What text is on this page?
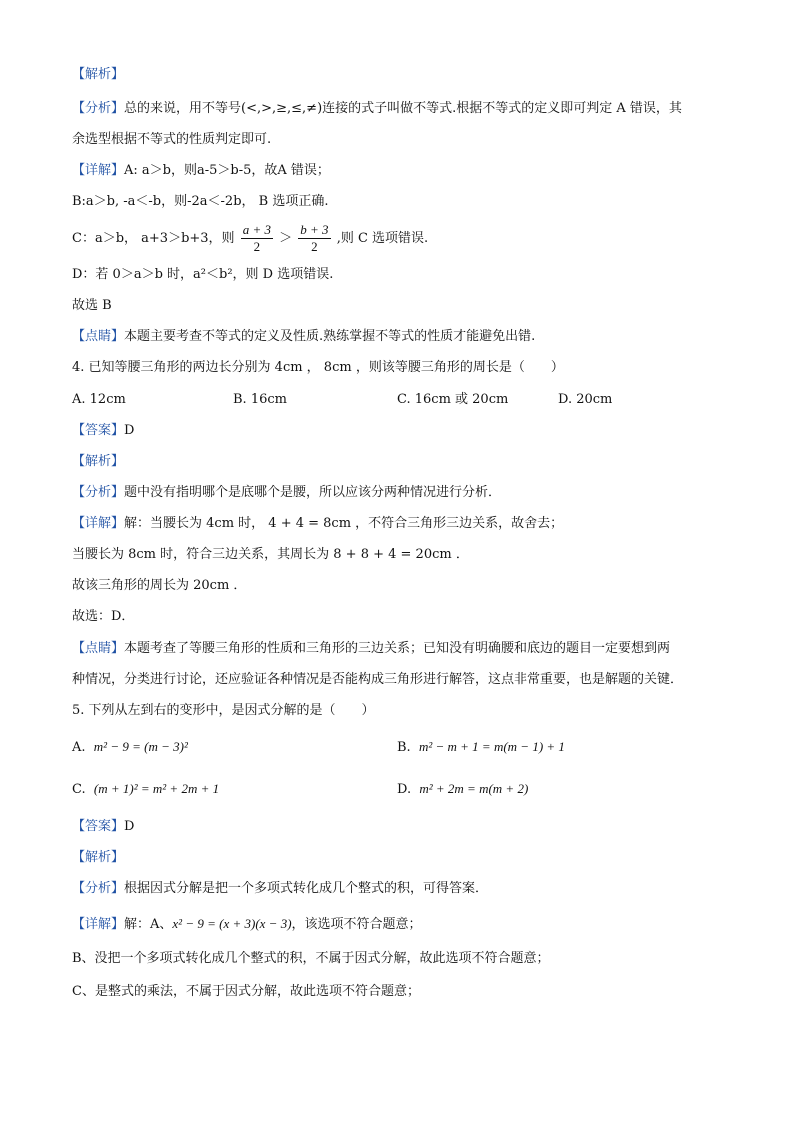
【解析】
【分析】总的来说，用不等号(<,>,≥,≤,≠)连接的式子叫做不等式.根据不等式的定义即可判定 A 错误，其
余选型根据不等式的性质判定即可.
【详解】A: a＞b，则a-5＞b-5，故A 错误；
B:a＞b, -a＜-b，则-2a＜-2b， B 选项正确.
C：a＞b， a+3＞b+3，则 $\frac{a + 3}{2} > \frac{b + 3}{2}$ ,则 C 选项错误.
D：若 0＞a＞b 时，a²＜b²，则 D 选项错误.
故选 B
【点睛】本题主要考查不等式的定义及性质.熟练掌握不等式的性质才能避免出错.
4. 已知等腰三角形的两边长分别为 4cm ， 8cm ，则该等腰三角形的周长是（　　）
A. 12cm	B. 16cm	C. 16cm 或 20cm	D. 20cm
【答案】D
【解析】
【分析】题中没有指明哪个是底哪个是腰，所以应该分两种情况进行分析．
【详解】解：当腰长为 4cm 时， 4 + 4 = 8cm ，不符合三角形三边关系，故舍去；
当腰长为 8cm 时，符合三边关系，其周长为 8 + 8 + 4 = 20cm ．
故该三角形的周长为 20cm ．
故选：D．
【点睛】本题考查了等腰三角形的性质和三角形的三边关系；已知没有明确腰和底边的题目一定要想到两
种情况，分类进行讨论，还应验证各种情况是否能构成三角形进行解答，这点非常重要，也是解题的关键．
5. 下列从左到右的变形中，是因式分解的是（　　）
A. m² − 9 = (m − 3)²	B. m² − m + 1 = m(m − 1) + 1
C. (m + 1)² = m² + 2m + 1	D. m² + 2m = m(m + 2)
【答案】D
【解析】
【分析】根据因式分解是把一个多项式转化成几个整式的积，可得答案．
【详解】解：A、x² − 9 = (x + 3)(x − 3)，该选项不符合题意；
B、没把一个多项式转化成几个整式的积，不属于因式分解，故此选项不符合题意；
C、是整式的乘法，不属于因式分解，故此选项不符合题意；
